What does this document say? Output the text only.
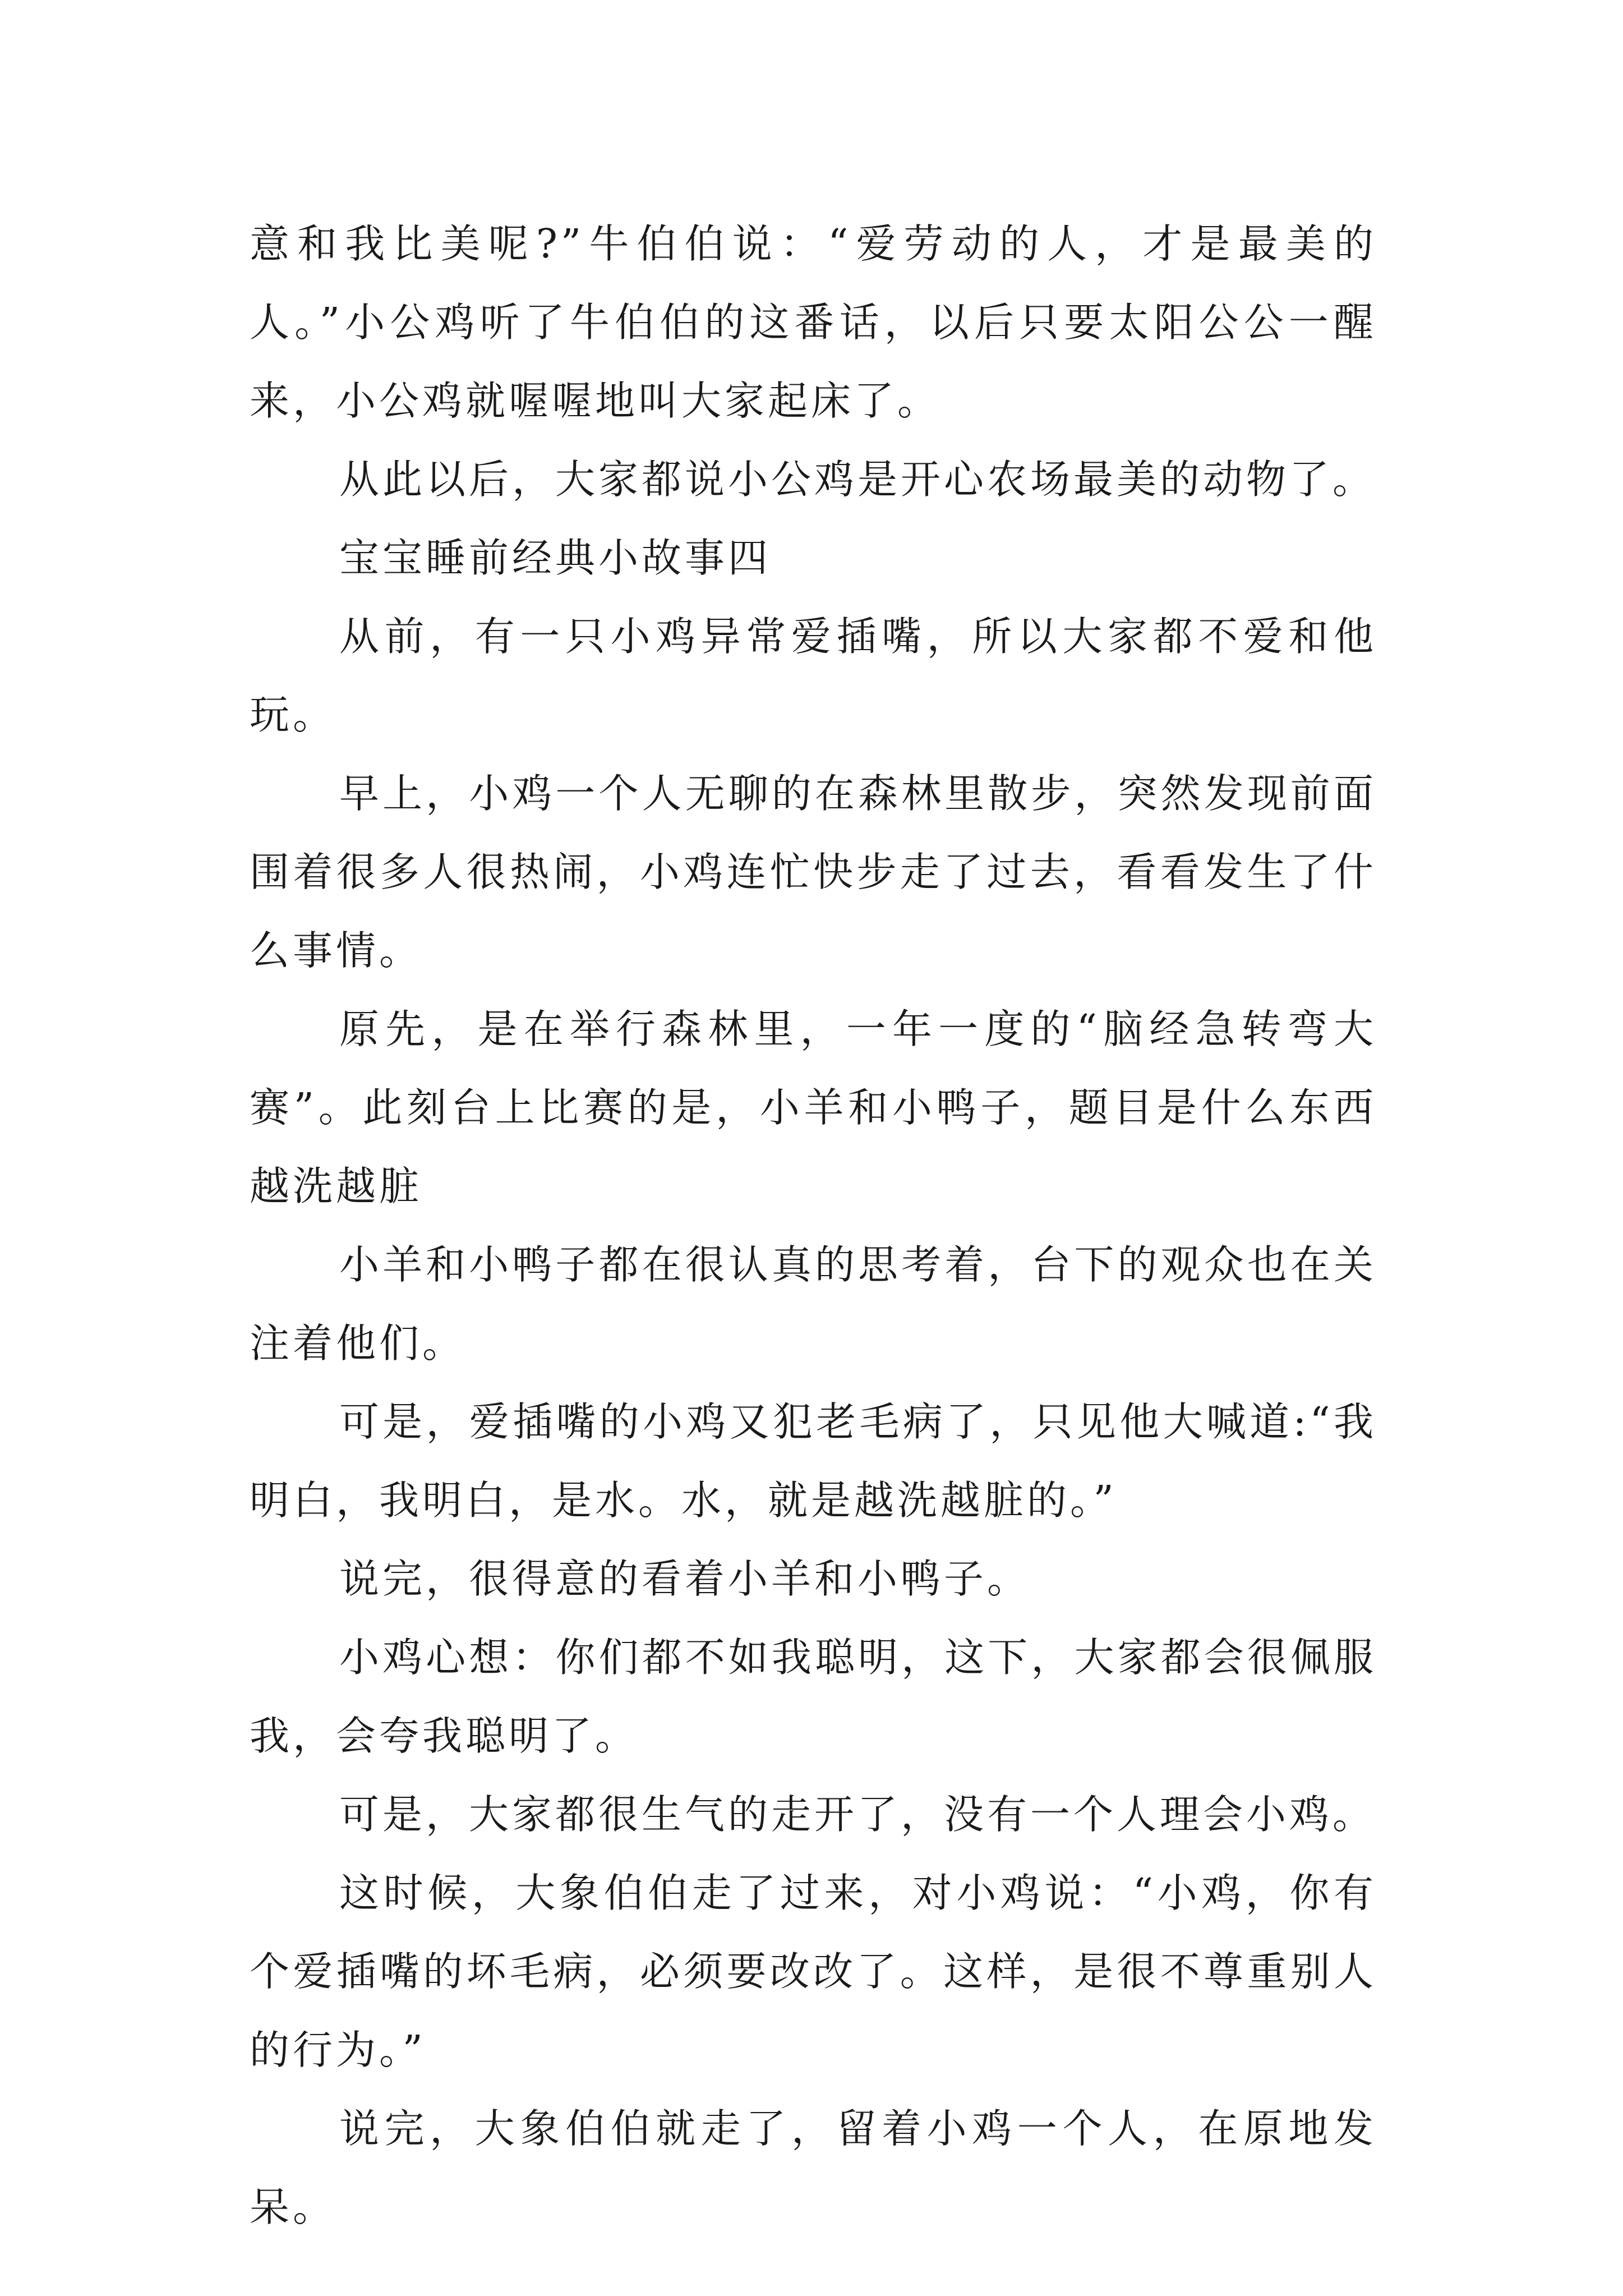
意和我比美呢?”牛伯伯说：“爱劳动的人，才是最美的人。”小公鸡听了牛伯伯的这番话，以后只要太阳公公一醒来，小公鸡就喔喔地叫大家起床了。

从此以后，大家都说小公鸡是开心农场最美的动物了。

宝宝睡前经典小故事四

从前，有一只小鸡异常爱插嘴，所以大家都不爱和他玩。

早上，小鸡一个人无聊的在森林里散步，突然发现前面围着很多人很热闹，小鸡连忙快步走了过去，看看发生了什么事情。

原先，是在举行森林里，一年一度的“脑经急转弯大赛”。此刻台上比赛的是，小羊和小鸭子，题目是什么东西越洗越脏

小羊和小鸭子都在很认真的思考着，台下的观众也在关注着他们。

可是，爱插嘴的小鸡又犯老毛病了，只见他大喊道:“我明白，我明白，是水。水，就是越洗越脏的。”

说完，很得意的看着小羊和小鸭子。

小鸡心想：你们都不如我聪明，这下，大家都会很佩服我，会夸我聪明了。

可是，大家都很生气的走开了，没有一个人理会小鸡。

这时候，大象伯伯走了过来，对小鸡说：“小鸡，你有个爱插嘴的坏毛病，必须要改改了。这样，是很不尊重别人的行为。”

说完，大象伯伯就走了，留着小鸡一个人，在原地发呆。
